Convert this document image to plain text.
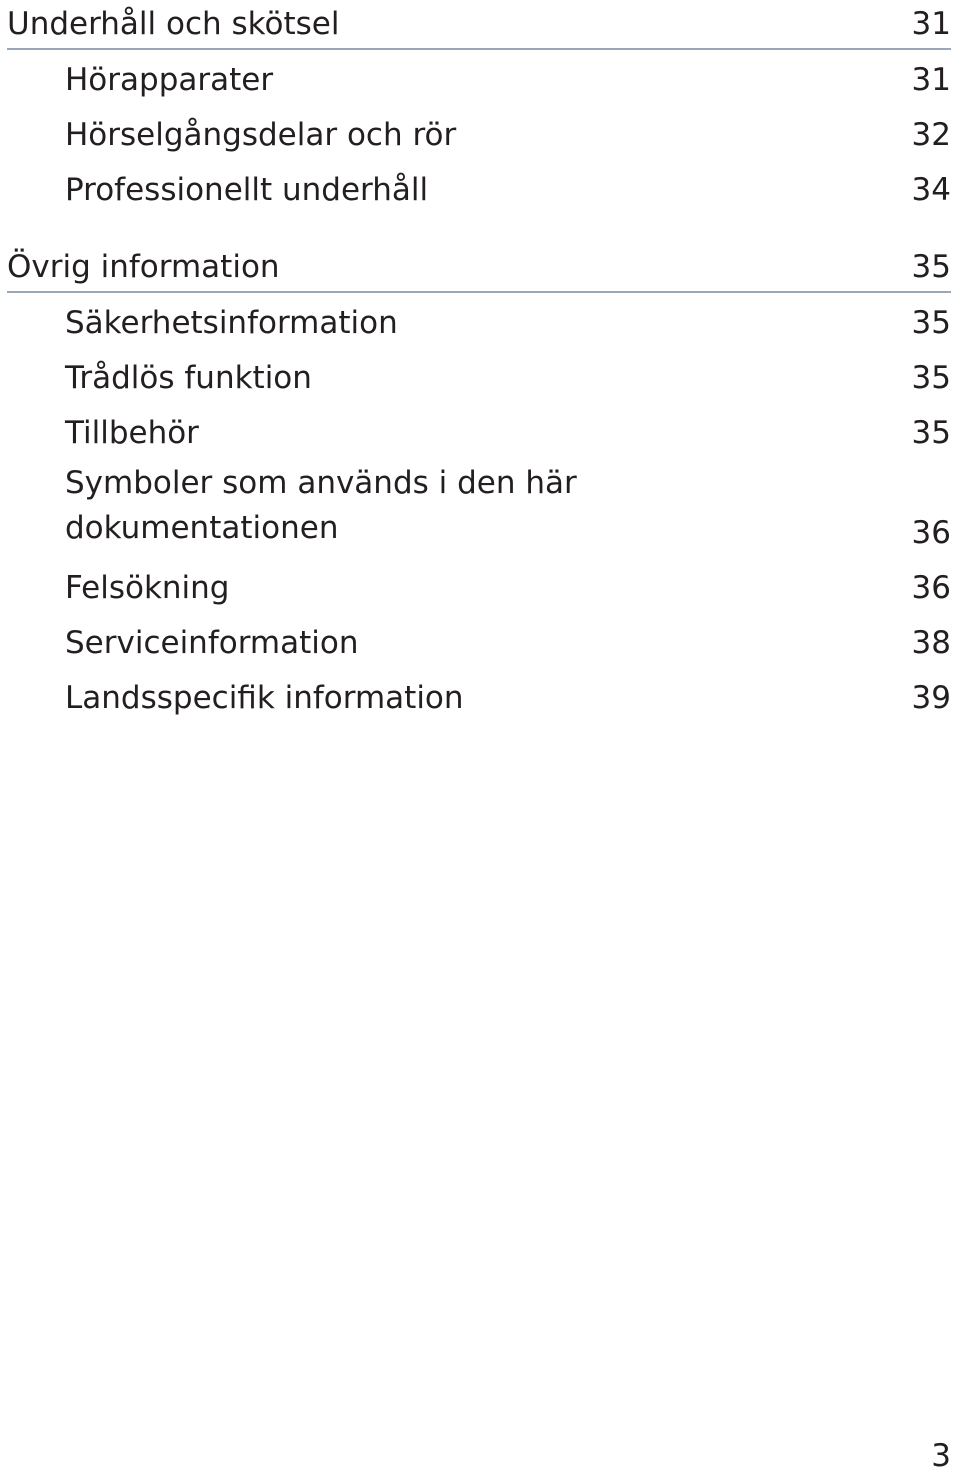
Underhåll och skötsel	31
Hörapparater	31
Hörselgångsdelar och rör	32
Professionellt underhåll	34
Övrig information	35
Säkerhetsinformation	35
Trådlös funktion	35
Tillbehör	35
Symboler som används i den här
dokumentationen	36
Felsökning	36
Serviceinformation	38
Landsspecifik information	39
3
